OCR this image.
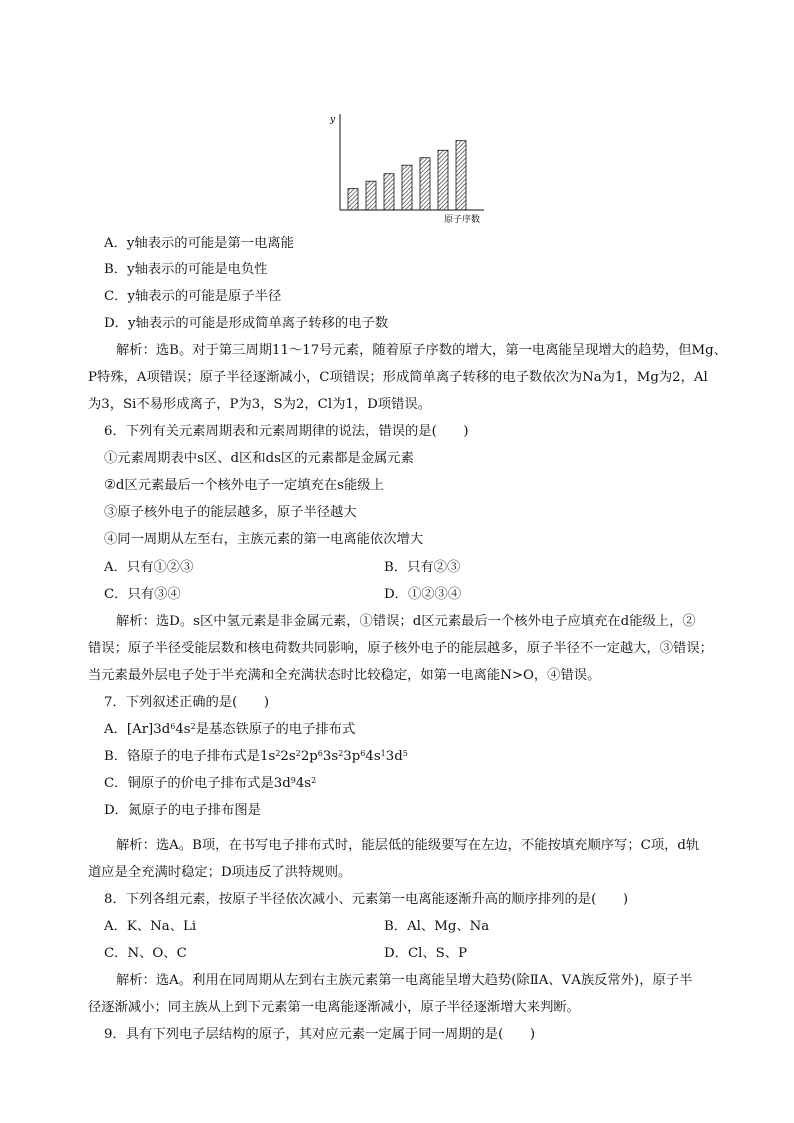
y
原子序数
A．y轴表示的可能是第一电离能
B．y轴表示的可能是电负性
C．y轴表示的可能是原子半径
D．y轴表示的可能是形成简单离子转移的电子数
解析：选B。对于第三周期11～17号元素，随着原子序数的增大，第一电离能呈现增大的趋势，但Mg、
P特殊，A项错误；原子半径逐渐减小，C项错误；形成简单离子转移的电子数依次为Na为1，Mg为2，Al
为3，Si不易形成离子，P为3，S为2，Cl为1，D项错误。
6．下列有关元素周期表和元素周期律的说法，错误的是(　　)
①元素周期表中s区、d区和ds区的元素都是金属元素
②d区元素最后一个核外电子一定填充在s能级上
③原子核外电子的能层越多，原子半径越大
④同一周期从左至右，主族元素的第一电离能依次增大
A．只有①②③	B．只有②③
C．只有③④	D．①②③④
解析：选D。s区中氢元素是非金属元素，①错误；d区元素最后一个核外电子应填充在d能级上，②
错误；原子半径受能层数和核电荷数共同影响，原子核外电子的能层越多，原子半径不一定越大，③错误；
当元素最外层电子处于半充满和全充满状态时比较稳定，如第一电离能N>O，④错误。
7．下列叙述正确的是(　　)
A．$[Ar]3d^64s^2$是基态铁原子的电子排布式
B．铬原子的电子排布式是$1s^22s^22p^63s^23p^64s^13d^5$
C．铜原子的价电子排布式是$3d^94s^2$
D．氮原子的电子排布图是
解析：选A。B项，在书写电子排布式时，能层低的能级要写在左边，不能按填充顺序写；C项，d轨
道应是全充满时稳定；D项违反了洪特规则。
8．下列各组元素，按原子半径依次减小、元素第一电离能逐渐升高的顺序排列的是(　　)
A．K、Na、Li	B．Al、Mg、Na
C．N、O、C	D．Cl、S、P
解析：选A。利用在同周期从左到右主族元素第一电离能呈增大趋势(除ⅡA、ⅤA族反常外)，原子半
径逐渐减小；同主族从上到下元素第一电离能逐渐减小，原子半径逐渐增大来判断。
9．具有下列电子层结构的原子，其对应元素一定属于同一周期的是(　　)
